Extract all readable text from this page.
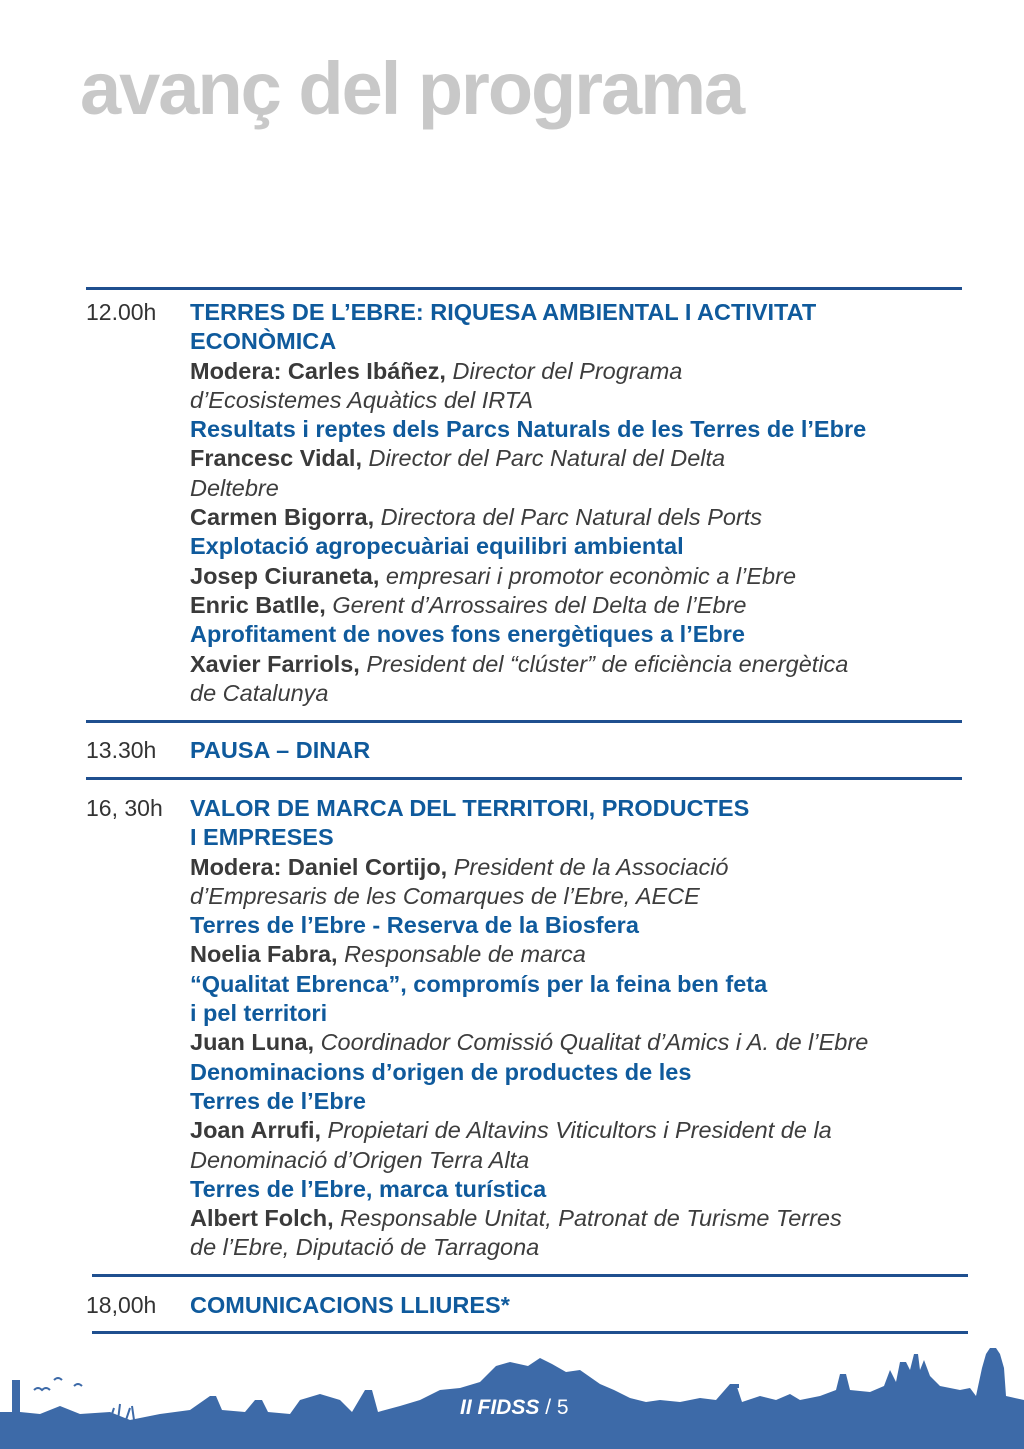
avanç del programa
12.00h TERRES DE L’EBRE: RIQUESA AMBIENTAL I ACTIVITAT
ECONÒMICA
Modera: Carles Ibáñez, Director del Programa
d’Ecosistemes Aquàtics del IRTA
Resultats i reptes dels Parcs Naturals de les Terres de l’Ebre
Francesc Vidal, Director del Parc Natural del Delta
Deltebre
Carmen Bigorra, Directora del Parc Natural dels Ports
Explotació agropecuàriai equilibri ambiental
Josep Ciuraneta, empresari i promotor econòmic a l’Ebre
Enric Batlle, Gerent d’Arrossaires del Delta de l’Ebre
Aprofitament de noves fons energètiques a l’Ebre
Xavier Farriols, President del “clúster” de eficiència energètica
de Catalunya
13.30h PAUSA – DINAR
16, 30h VALOR DE MARCA DEL TERRITORI, PRODUCTES
I EMPRESES
Modera: Daniel Cortijo, President de la Associació
d’Empresaris de les Comarques de l’Ebre, AECE
Terres de l’Ebre - Reserva de la Biosfera
Noelia Fabra, Responsable de marca
“Qualitat Ebrenca”, compromís per la feina ben feta
i pel territori
Juan Luna, Coordinador Comissió Qualitat d’Amics i A. de l’Ebre
Denominacions d’origen de productes de les
Terres de l’Ebre
Joan Arrufi, Propietari de Altavins Viticultors i President de la
Denominació d’Origen Terra Alta
Terres de l’Ebre, marca turística
Albert Folch, Responsable Unitat, Patronat de Turisme Terres
de l’Ebre, Diputació de Tarragona
18,00h COMUNICACIONS LLIURES*
II FIDSS / 5
